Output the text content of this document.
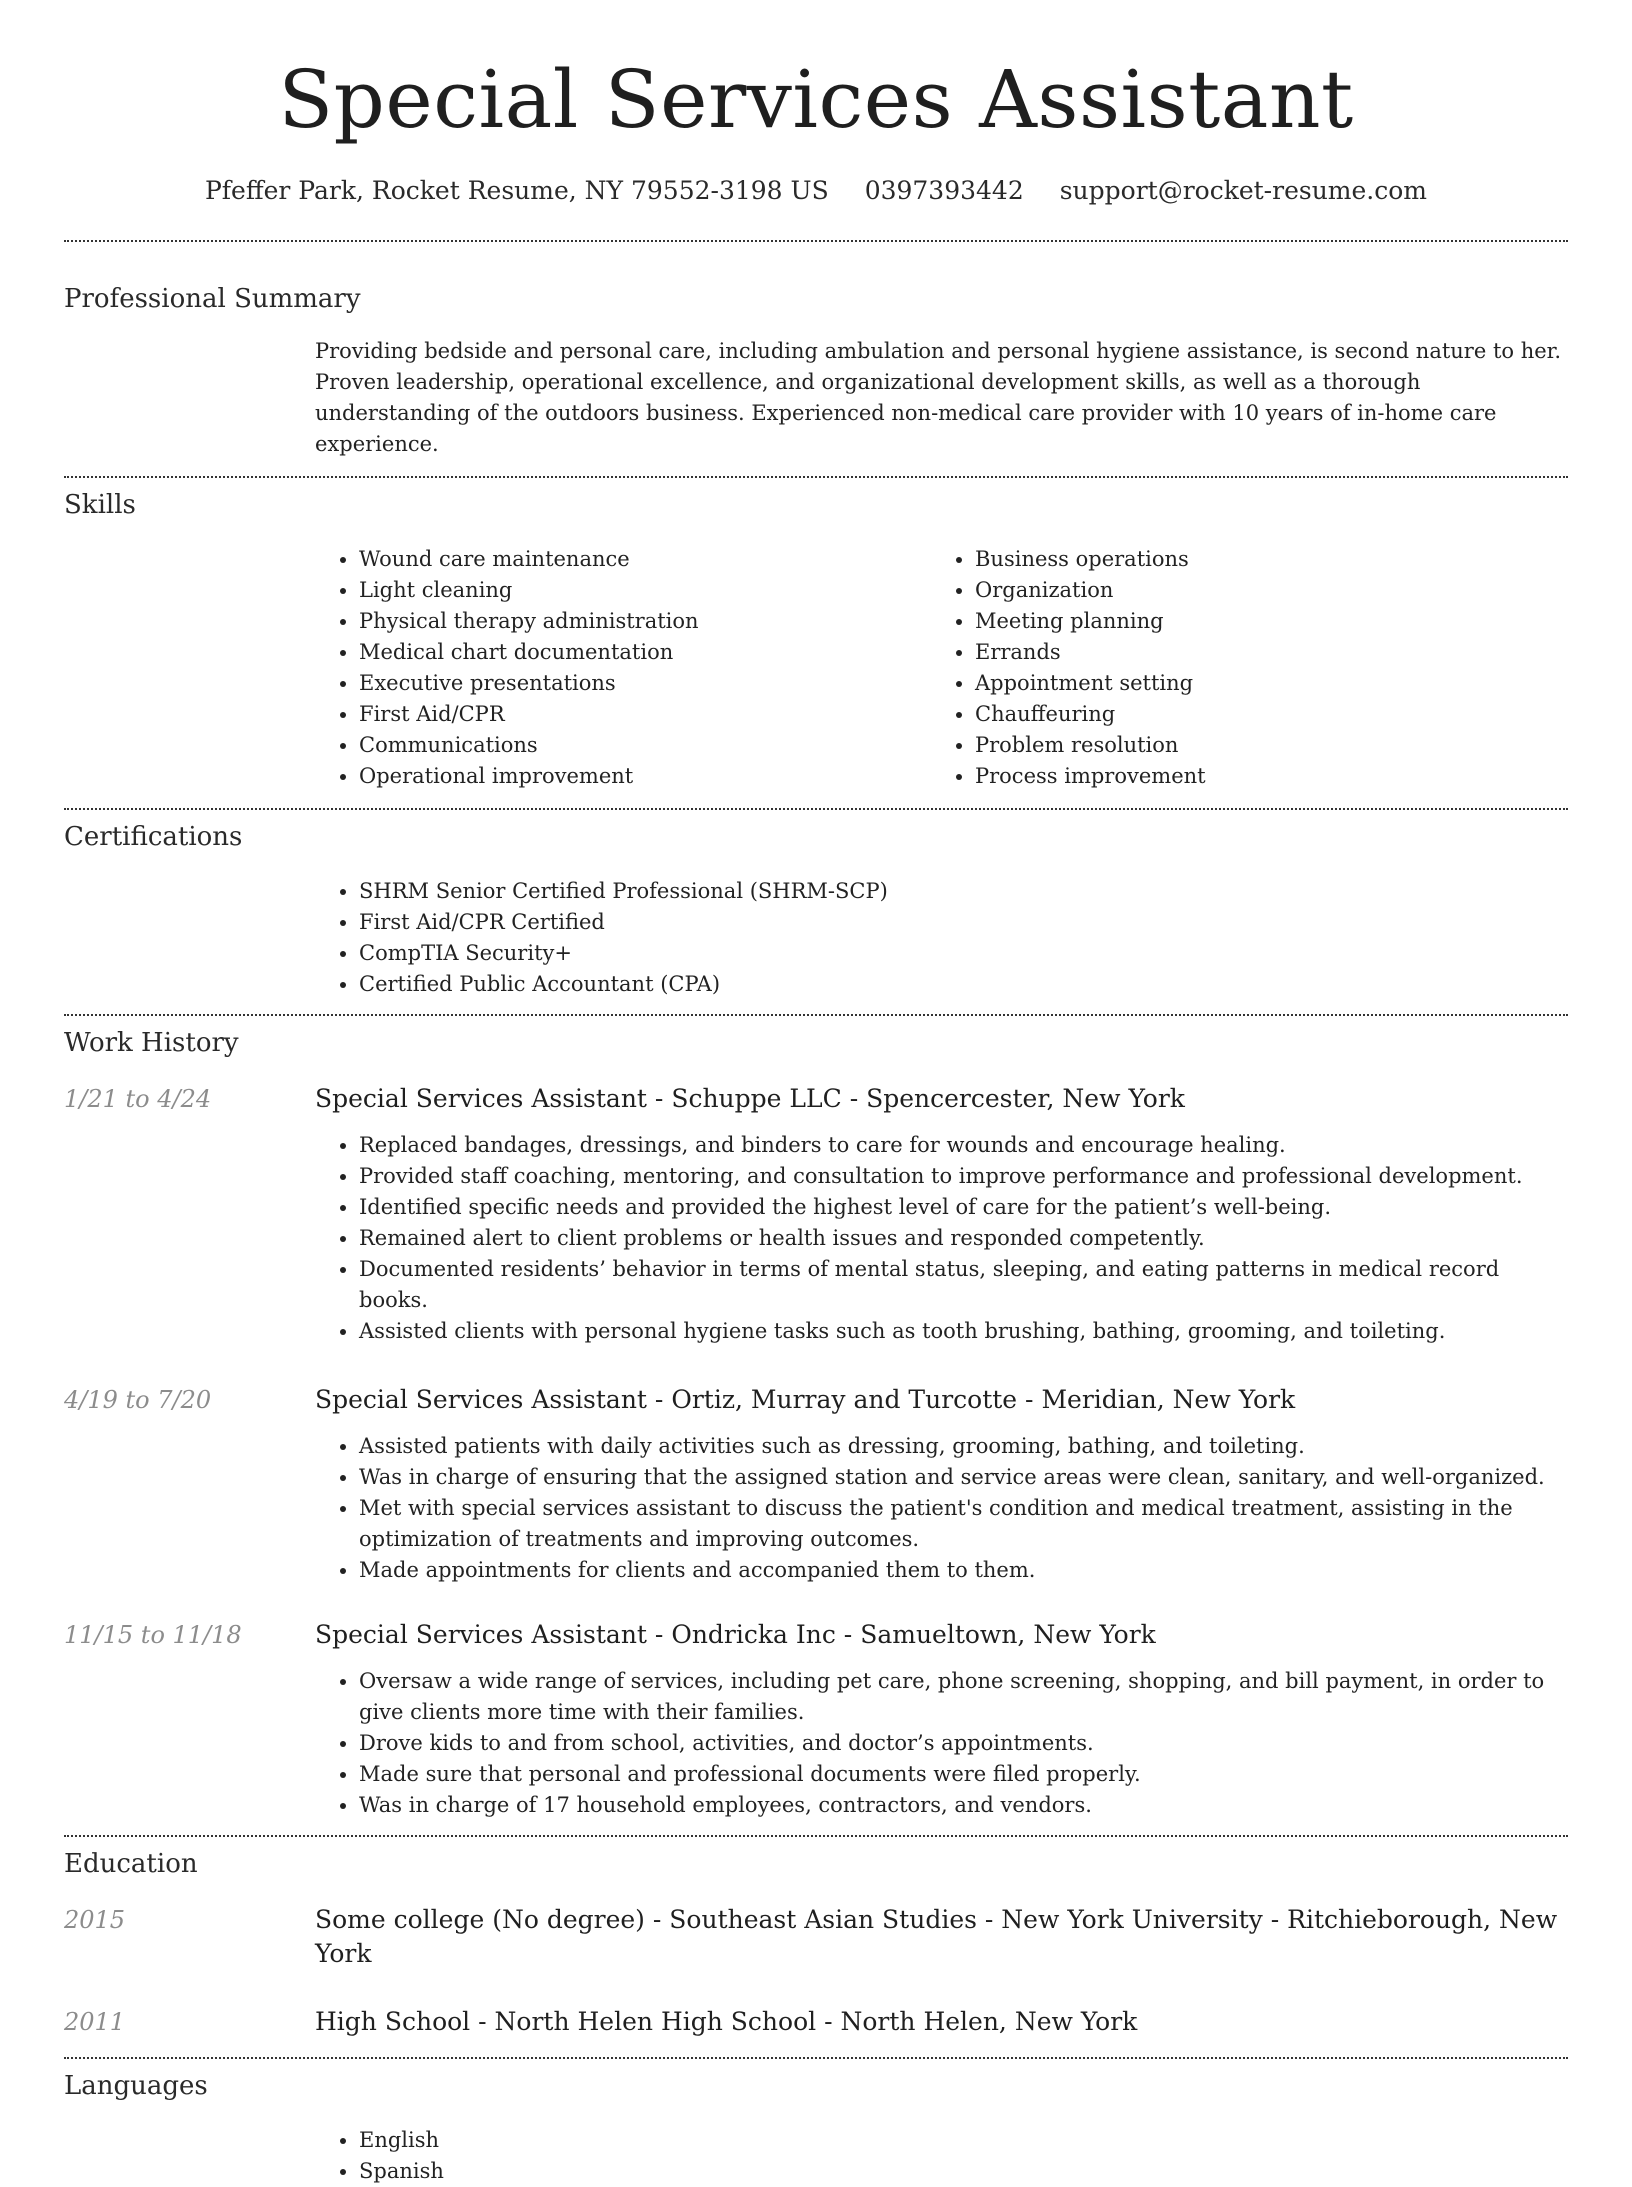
Special Services Assistant
Pfeffer Park, Rocket Resume, NY 79552-3198 US 0397393442 support@rocket-resume.com
Professional Summary
Providing bedside and personal care, including ambulation and personal hygiene assistance, is second nature to her. Proven leadership, operational excellence, and organizational development skills, as well as a thorough understanding of the outdoors business. Experienced non-medical care provider with 10 years of in-home care experience.
Skills
• Wound care maintenance
• Light cleaning
• Physical therapy administration
• Medical chart documentation
• Executive presentations
• First Aid/CPR
• Communications
• Operational improvement
• Business operations
• Organization
• Meeting planning
• Errands
• Appointment setting
• Chauffeuring
• Problem resolution
• Process improvement
Certifications
• SHRM Senior Certified Professional (SHRM-SCP)
• First Aid/CPR Certified
• CompTIA Security+
• Certified Public Accountant (CPA)
Work History
1/21 to 4/24	Special Services Assistant - Schuppe LLC - Spencercester, New York
• Replaced bandages, dressings, and binders to care for wounds and encourage healing.
• Provided staff coaching, mentoring, and consultation to improve performance and professional development.
• Identified specific needs and provided the highest level of care for the patient’s well-being.
• Remained alert to client problems or health issues and responded competently.
• Documented residents’ behavior in terms of mental status, sleeping, and eating patterns in medical record books.
• Assisted clients with personal hygiene tasks such as tooth brushing, bathing, grooming, and toileting.
4/19 to 7/20	Special Services Assistant - Ortiz, Murray and Turcotte - Meridian, New York
• Assisted patients with daily activities such as dressing, grooming, bathing, and toileting.
• Was in charge of ensuring that the assigned station and service areas were clean, sanitary, and well-organized.
• Met with special services assistant to discuss the patient's condition and medical treatment, assisting in the optimization of treatments and improving outcomes.
• Made appointments for clients and accompanied them to them.
11/15 to 11/18	Special Services Assistant - Ondricka Inc - Samueltown, New York
• Oversaw a wide range of services, including pet care, phone screening, shopping, and bill payment, in order to give clients more time with their families.
• Drove kids to and from school, activities, and doctor’s appointments.
• Made sure that personal and professional documents were filed properly.
• Was in charge of 17 household employees, contractors, and vendors.
Education
2015	Some college (No degree) - Southeast Asian Studies - New York University - Ritchieborough, New York
2011	High School - North Helen High School - North Helen, New York
Languages
• English
• Spanish
